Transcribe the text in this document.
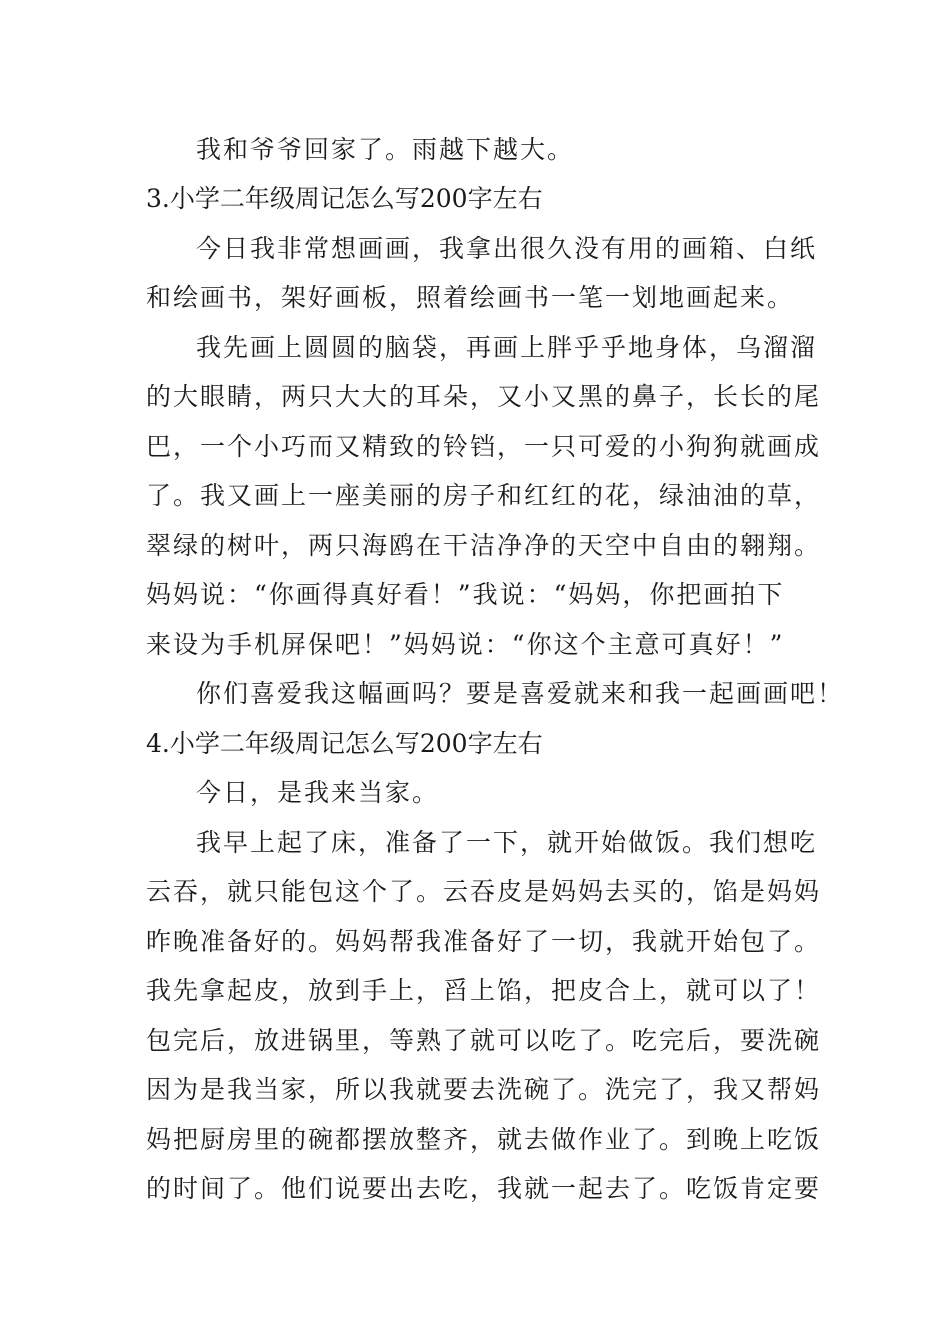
我和爷爷回家了。雨越下越大。
3.小学二年级周记怎么写200字左右
今日我非常想画画，我拿出很久没有用的画箱、白纸
和绘画书，架好画板，照着绘画书一笔一划地画起来。
我先画上圆圆的脑袋，再画上胖乎乎地身体，乌溜溜
的大眼睛，两只大大的耳朵，又小又黑的鼻子，长长的尾
巴，一个小巧而又精致的铃铛，一只可爱的小狗狗就画成
了。我又画上一座美丽的房子和红红的花，绿油油的草，
翠绿的树叶，两只海鸥在干洁净净的天空中自由的翱翔。
妈妈说：“你画得真好看！”我说：“妈妈，你把画拍下
来设为手机屏保吧！”妈妈说：“你这个主意可真好！”
你们喜爱我这幅画吗？要是喜爱就来和我一起画画吧！
4.小学二年级周记怎么写200字左右
今日，是我来当家。
我早上起了床，准备了一下，就开始做饭。我们想吃
云吞，就只能包这个了。云吞皮是妈妈去买的，馅是妈妈
昨晚准备好的。妈妈帮我准备好了一切，我就开始包了。
我先拿起皮，放到手上，舀上馅，把皮合上，就可以了！
包完后，放进锅里，等熟了就可以吃了。吃完后，要洗碗
因为是我当家，所以我就要去洗碗了。洗完了，我又帮妈
妈把厨房里的碗都摆放整齐，就去做作业了。到晚上吃饭
的时间了。他们说要出去吃，我就一起去了。吃饭肯定要
